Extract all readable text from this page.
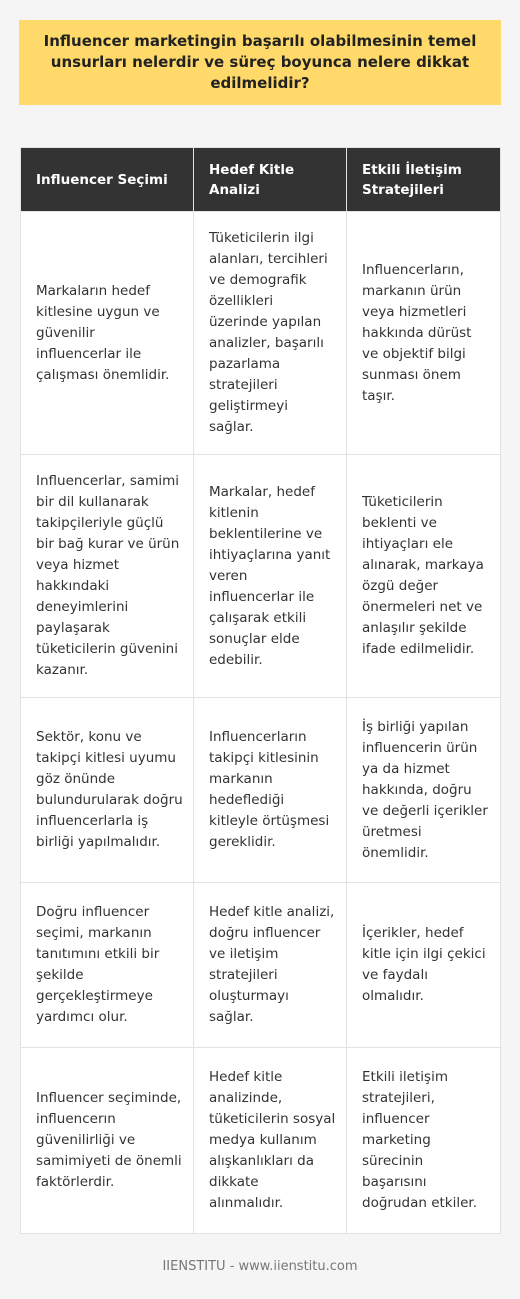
Influencer marketingin başarılı olabilmesinin temel unsurları nelerdir ve süreç boyunca nelere dikkat edilmelidir?
Influencer Seçimi	Hedef Kitle Analizi	Etkili İletişim Stratejileri
Markaların hedef kitlesine uygun ve güvenilir influencerlar ile çalışması önemlidir.	Tüketicilerin ilgi alanları, tercihleri ve demografik özellikleri üzerinde yapılan analizler, başarılı pazarlama stratejileri geliştirmeyi sağlar.	Influencerların, markanın ürün veya hizmetleri hakkında dürüst ve objektif bilgi sunması önem taşır.
Influencerlar, samimi bir dil kullanarak takipçileriyle güçlü bir bağ kurar ve ürün veya hizmet hakkındaki deneyimlerini paylaşarak tüketicilerin güvenini kazanır.	Markalar, hedef kitlenin beklentilerine ve ihtiyaçlarına yanıt veren influencerlar ile çalışarak etkili sonuçlar elde edebilir.	Tüketicilerin beklenti ve ihtiyaçları ele alınarak, markaya özgü değer önermeleri net ve anlaşılır şekilde ifade edilmelidir.
Sektör, konu ve takipçi kitlesi uyumu göz önünde bulundurularak doğru influencerlarla iş birliği yapılmalıdır.	Influencerların takipçi kitlesinin markanın hedeflediği kitleyle örtüşmesi gereklidir.	İş birliği yapılan influencerin ürün ya da hizmet hakkında, doğru ve değerli içerikler üretmesi önemlidir.
Doğru influencer seçimi, markanın tanıtımını etkili bir şekilde gerçekleştirmeye yardımcı olur.	Hedef kitle analizi, doğru influencer ve iletişim stratejileri oluşturmayı sağlar.	İçerikler, hedef kitle için ilgi çekici ve faydalı olmalıdır.
Influencer seçiminde, influencerın güvenilirliği ve samimiyeti de önemli faktörlerdir.	Hedef kitle analizinde, tüketicilerin sosyal medya kullanım alışkanlıkları da dikkate alınmalıdır.	Etkili iletişim stratejileri, influencer marketing sürecinin başarısını doğrudan etkiler.
IIENSTITU - www.iienstitu.com
